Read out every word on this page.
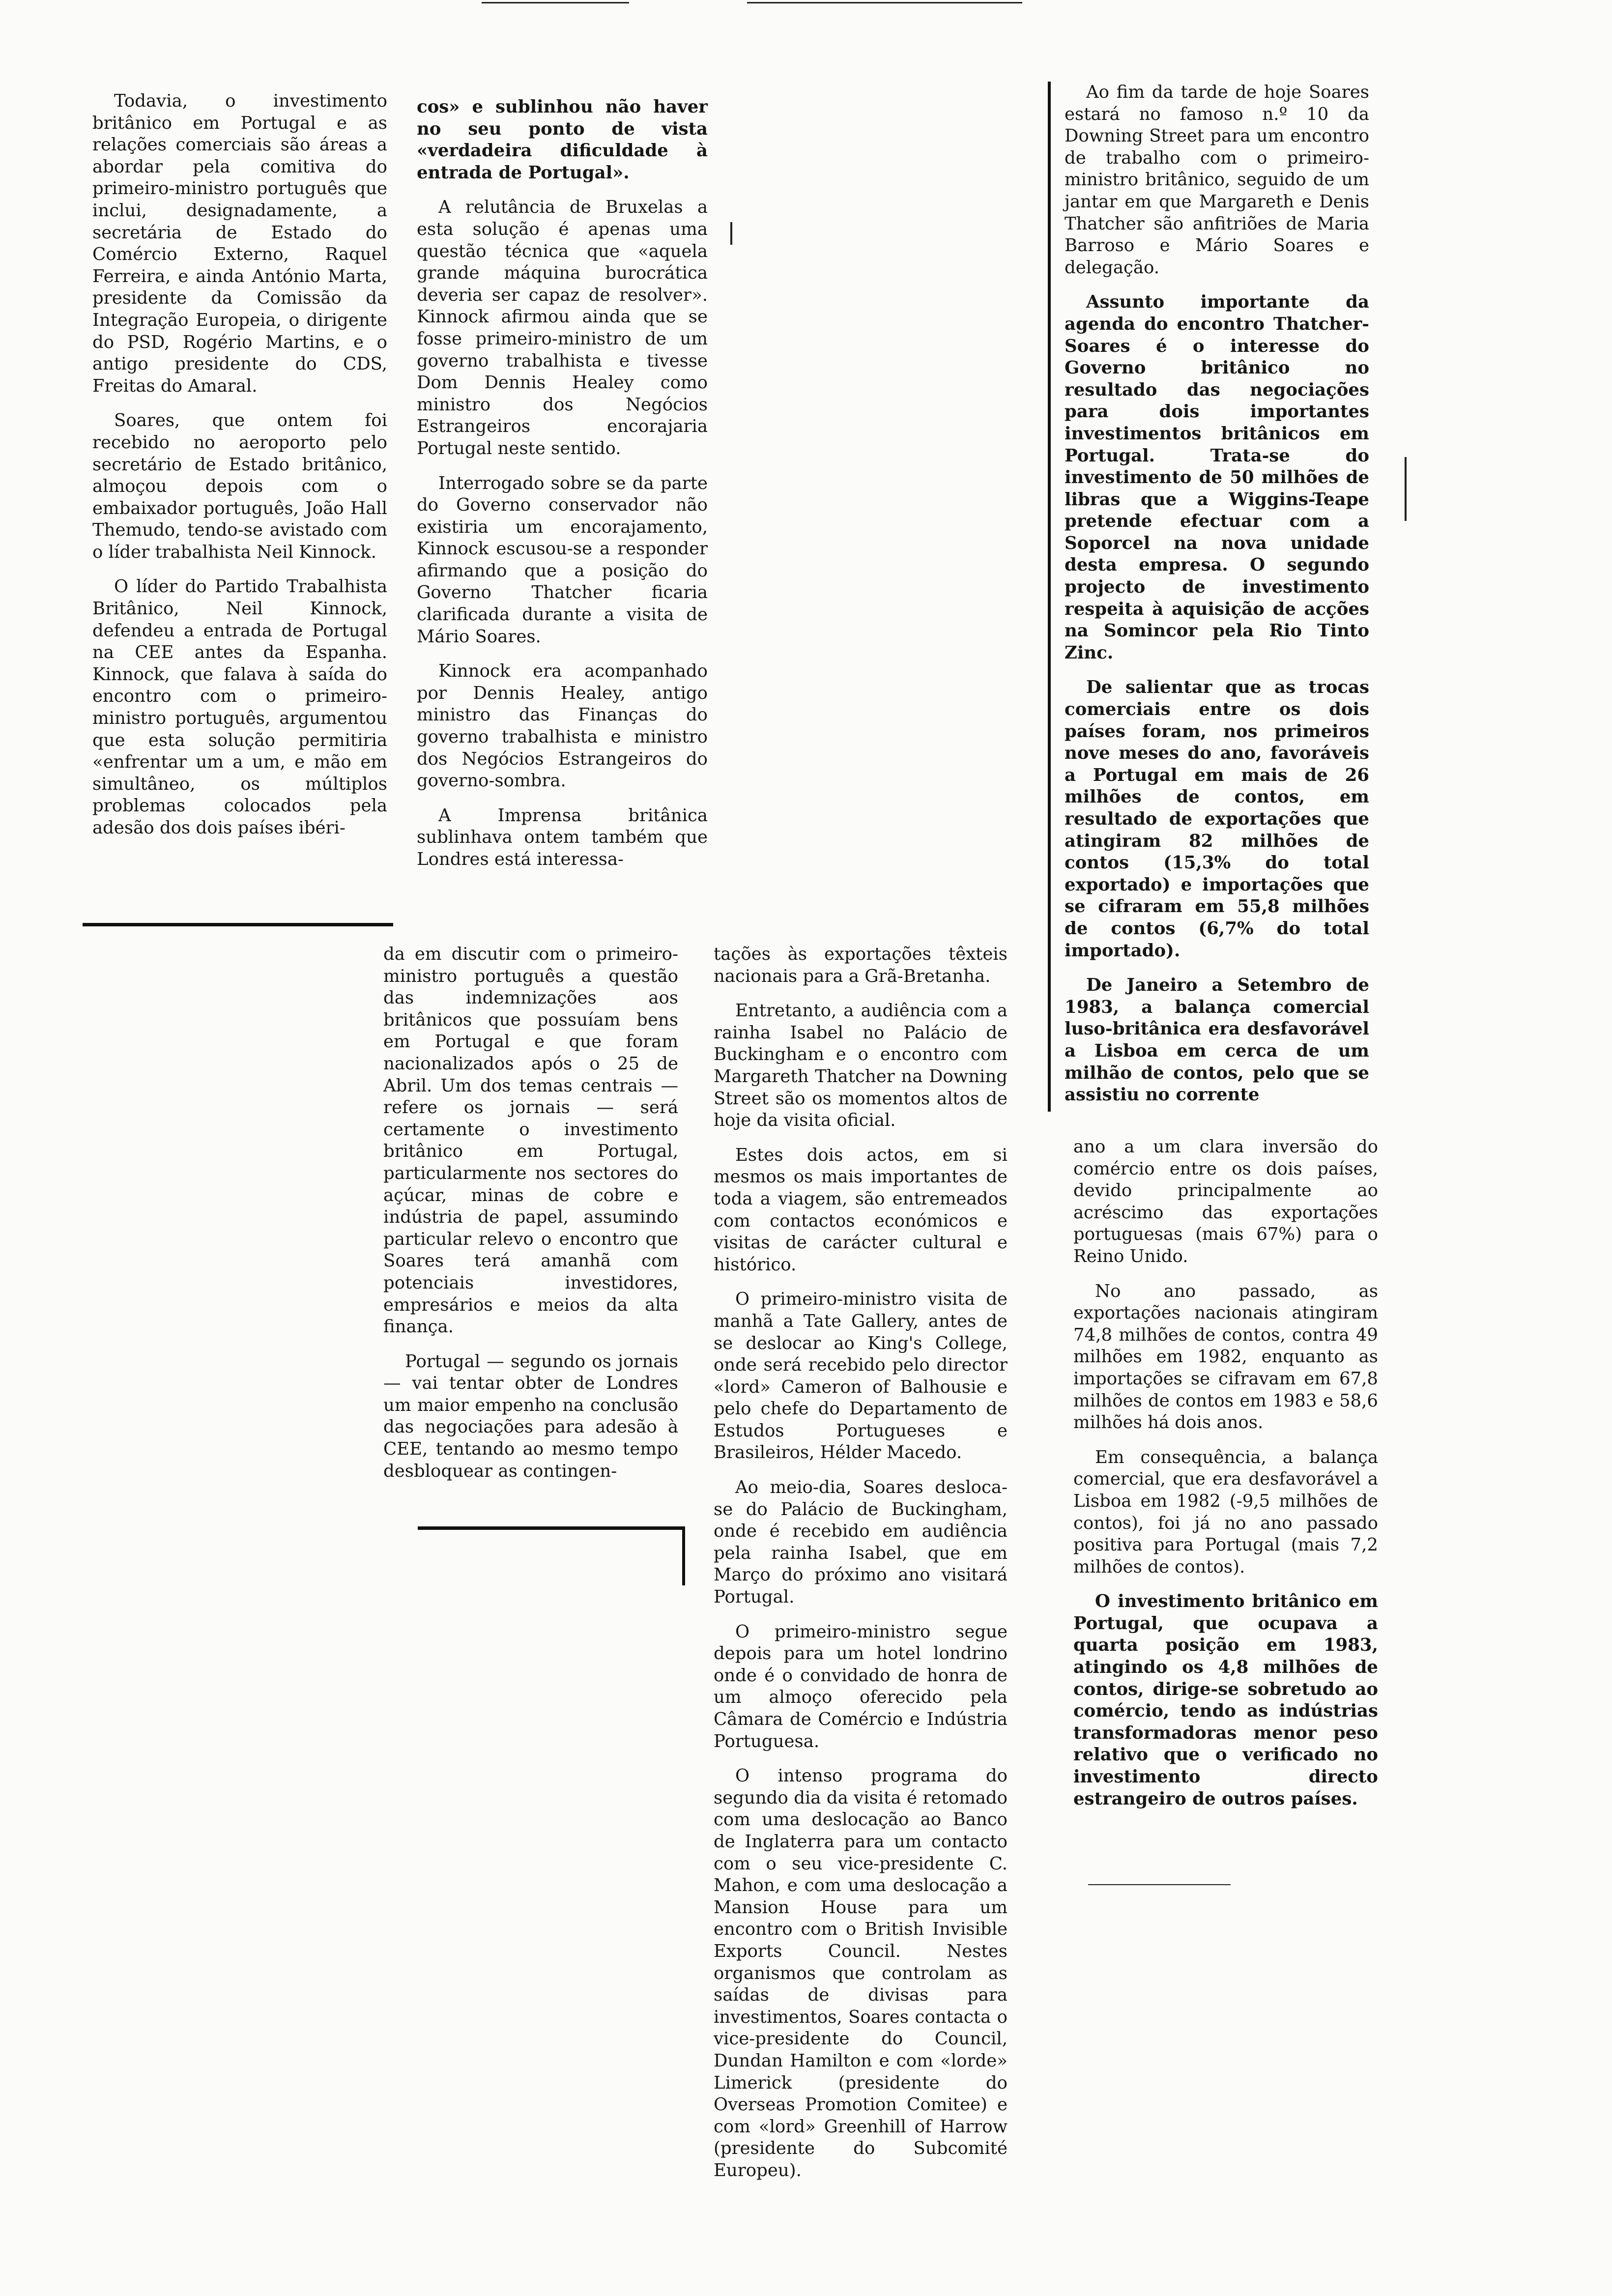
Todavia, o investimento britânico em Portugal e as relações comerciais são áreas a abordar pela comitiva do primeiro-ministro português que inclui, designadamente, a secretária de Estado do Comércio Externo, Raquel Ferreira, e ainda António Marta, presidente da Comissão da Integração Europeia, o dirigente do PSD, Rogério Martins, e o antigo presidente do CDS, Freitas do Amaral.

Soares, que ontem foi recebido no aeroporto pelo secretário de Estado britânico, almoçou depois com o embaixador português, João Hall Themudo, tendo-se avistado com o líder trabalhista Neil Kinnock.

O líder do Partido Trabalhista Britânico, Neil Kinnock, defendeu a entrada de Portugal na CEE antes da Espanha. Kinnock, que falava à saída do encontro com o primeiro-ministro português, argumentou que esta solução permitiria «enfrentar um a um, e mão em simultâneo, os múltiplos problemas colocados pela adesão dos dois países ibéri-

cos» e sublinhou não haver no seu ponto de vista «verdadeira dificuldade à entrada de Portugal».

A relutância de Bruxelas a esta solução é apenas uma questão técnica que «aquela grande máquina burocrática deveria ser capaz de resolver». Kinnock afirmou ainda que se fosse primeiro-ministro de um governo trabalhista e tivesse Dom Dennis Healey como ministro dos Negócios Estrangeiros encorajaria Portugal neste sentido.

Interrogado sobre se da parte do Governo conservador não existiria um encorajamento, Kinnock escusou-se a responder afirmando que a posição do Governo Thatcher ficaria clarificada durante a visita de Mário Soares.

Kinnock era acompanhado por Dennis Healey, antigo ministro das Finanças do governo trabalhista e ministro dos Negócios Estrangeiros do governo-sombra.

A Imprensa britânica sublinhava ontem também que Londres está interessa-

da em discutir com o primeiro-ministro português a questão das indemnizações aos britânicos que possuíam bens em Portugal e que foram nacionalizados após o 25 de Abril. Um dos temas centrais — refere os jornais — será certamente o investimento britânico em Portugal, particularmente nos sectores do açúcar, minas de cobre e indústria de papel, assumindo particular relevo o encontro que Soares terá amanhã com potenciais investidores, empresários e meios da alta finança.

Portugal — segundo os jornais — vai tentar obter de Londres um maior empenho na conclusão das negociações para adesão à CEE, tentando ao mesmo tempo desbloquear as contingen-

tações às exportações têxteis nacionais para a Grã-Bretanha.

Entretanto, a audiência com a rainha Isabel no Palácio de Buckingham e o encontro com Margareth Thatcher na Downing Street são os momentos altos de hoje da visita oficial.

Estes dois actos, em si mesmos os mais importantes de toda a viagem, são entremeados com contactos económicos e visitas de carácter cultural e histórico.

O primeiro-ministro visita de manhã a Tate Gallery, antes de se deslocar ao King's College, onde será recebido pelo director «lord» Cameron of Balhousie e pelo chefe do Departamento de Estudos Portugueses e Brasileiros, Hélder Macedo.

Ao meio-dia, Soares desloca-se do Palácio de Buckingham, onde é recebido em audiência pela rainha Isabel, que em Março do próximo ano visitará Portugal.

O primeiro-ministro segue depois para um hotel londrino onde é o convidado de honra de um almoço oferecido pela Câmara de Comércio e Indústria Portuguesa.

O intenso programa do segundo dia da visita é retomado com uma deslocação ao Banco de Inglaterra para um contacto com o seu vice-presidente C. Mahon, e com uma deslocação a Mansion House para um encontro com o British Invisible Exports Council. Nestes organismos que controlam as saídas de divisas para investimentos, Soares contacta o vice-presidente do Council, Dundan Hamilton e com «lorde» Limerick (presidente do Overseas Promotion Comitee) e com «lord» Greenhill of Harrow (presidente do Subcomité Europeu).

Ao fim da tarde de hoje Soares estará no famoso n.º 10 da Downing Street para um encontro de trabalho com o primeiro-ministro britânico, seguido de um jantar em que Margareth e Denis Thatcher são anfitriões de Maria Barroso e Mário Soares e delegação.

Assunto importante da agenda do encontro Thatcher-Soares é o interesse do Governo britânico no resultado das negociações para dois importantes investimentos britânicos em Portugal. Trata-se do investimento de 50 milhões de libras que a Wiggins-Teape pretende efectuar com a Soporcel na nova unidade desta empresa. O segundo projecto de investimento respeita à aquisição de acções na Somincor pela Rio Tinto Zinc.

De salientar que as trocas comerciais entre os dois países foram, nos primeiros nove meses do ano, favoráveis a Portugal em mais de 26 milhões de contos, em resultado de exportações que atingiram 82 milhões de contos (15,3% do total exportado) e importações que se cifraram em 55,8 milhões de contos (6,7% do total importado).

De Janeiro a Setembro de 1983, a balança comercial luso-britânica era desfavorável a Lisboa em cerca de um milhão de contos, pelo que se assistiu no corrente

ano a um clara inversão do comércio entre os dois países, devido principalmente ao acréscimo das exportações portuguesas (mais 67%) para o Reino Unido.

No ano passado, as exportações nacionais atingiram 74,8 milhões de contos, contra 49 milhões em 1982, enquanto as importações se cifravam em 67,8 milhões de contos em 1983 e 58,6 milhões há dois anos.

Em consequência, a balança comercial, que era desfavorável a Lisboa em 1982 (-9,5 milhões de contos), foi já no ano passado positiva para Portugal (mais 7,2 milhões de contos).

O investimento britânico em Portugal, que ocupava a quarta posição em 1983, atingindo os 4,8 milhões de contos, dirige-se sobretudo ao comércio, tendo as indústrias transformadoras menor peso relativo que o verificado no investimento directo estrangeiro de outros países.
